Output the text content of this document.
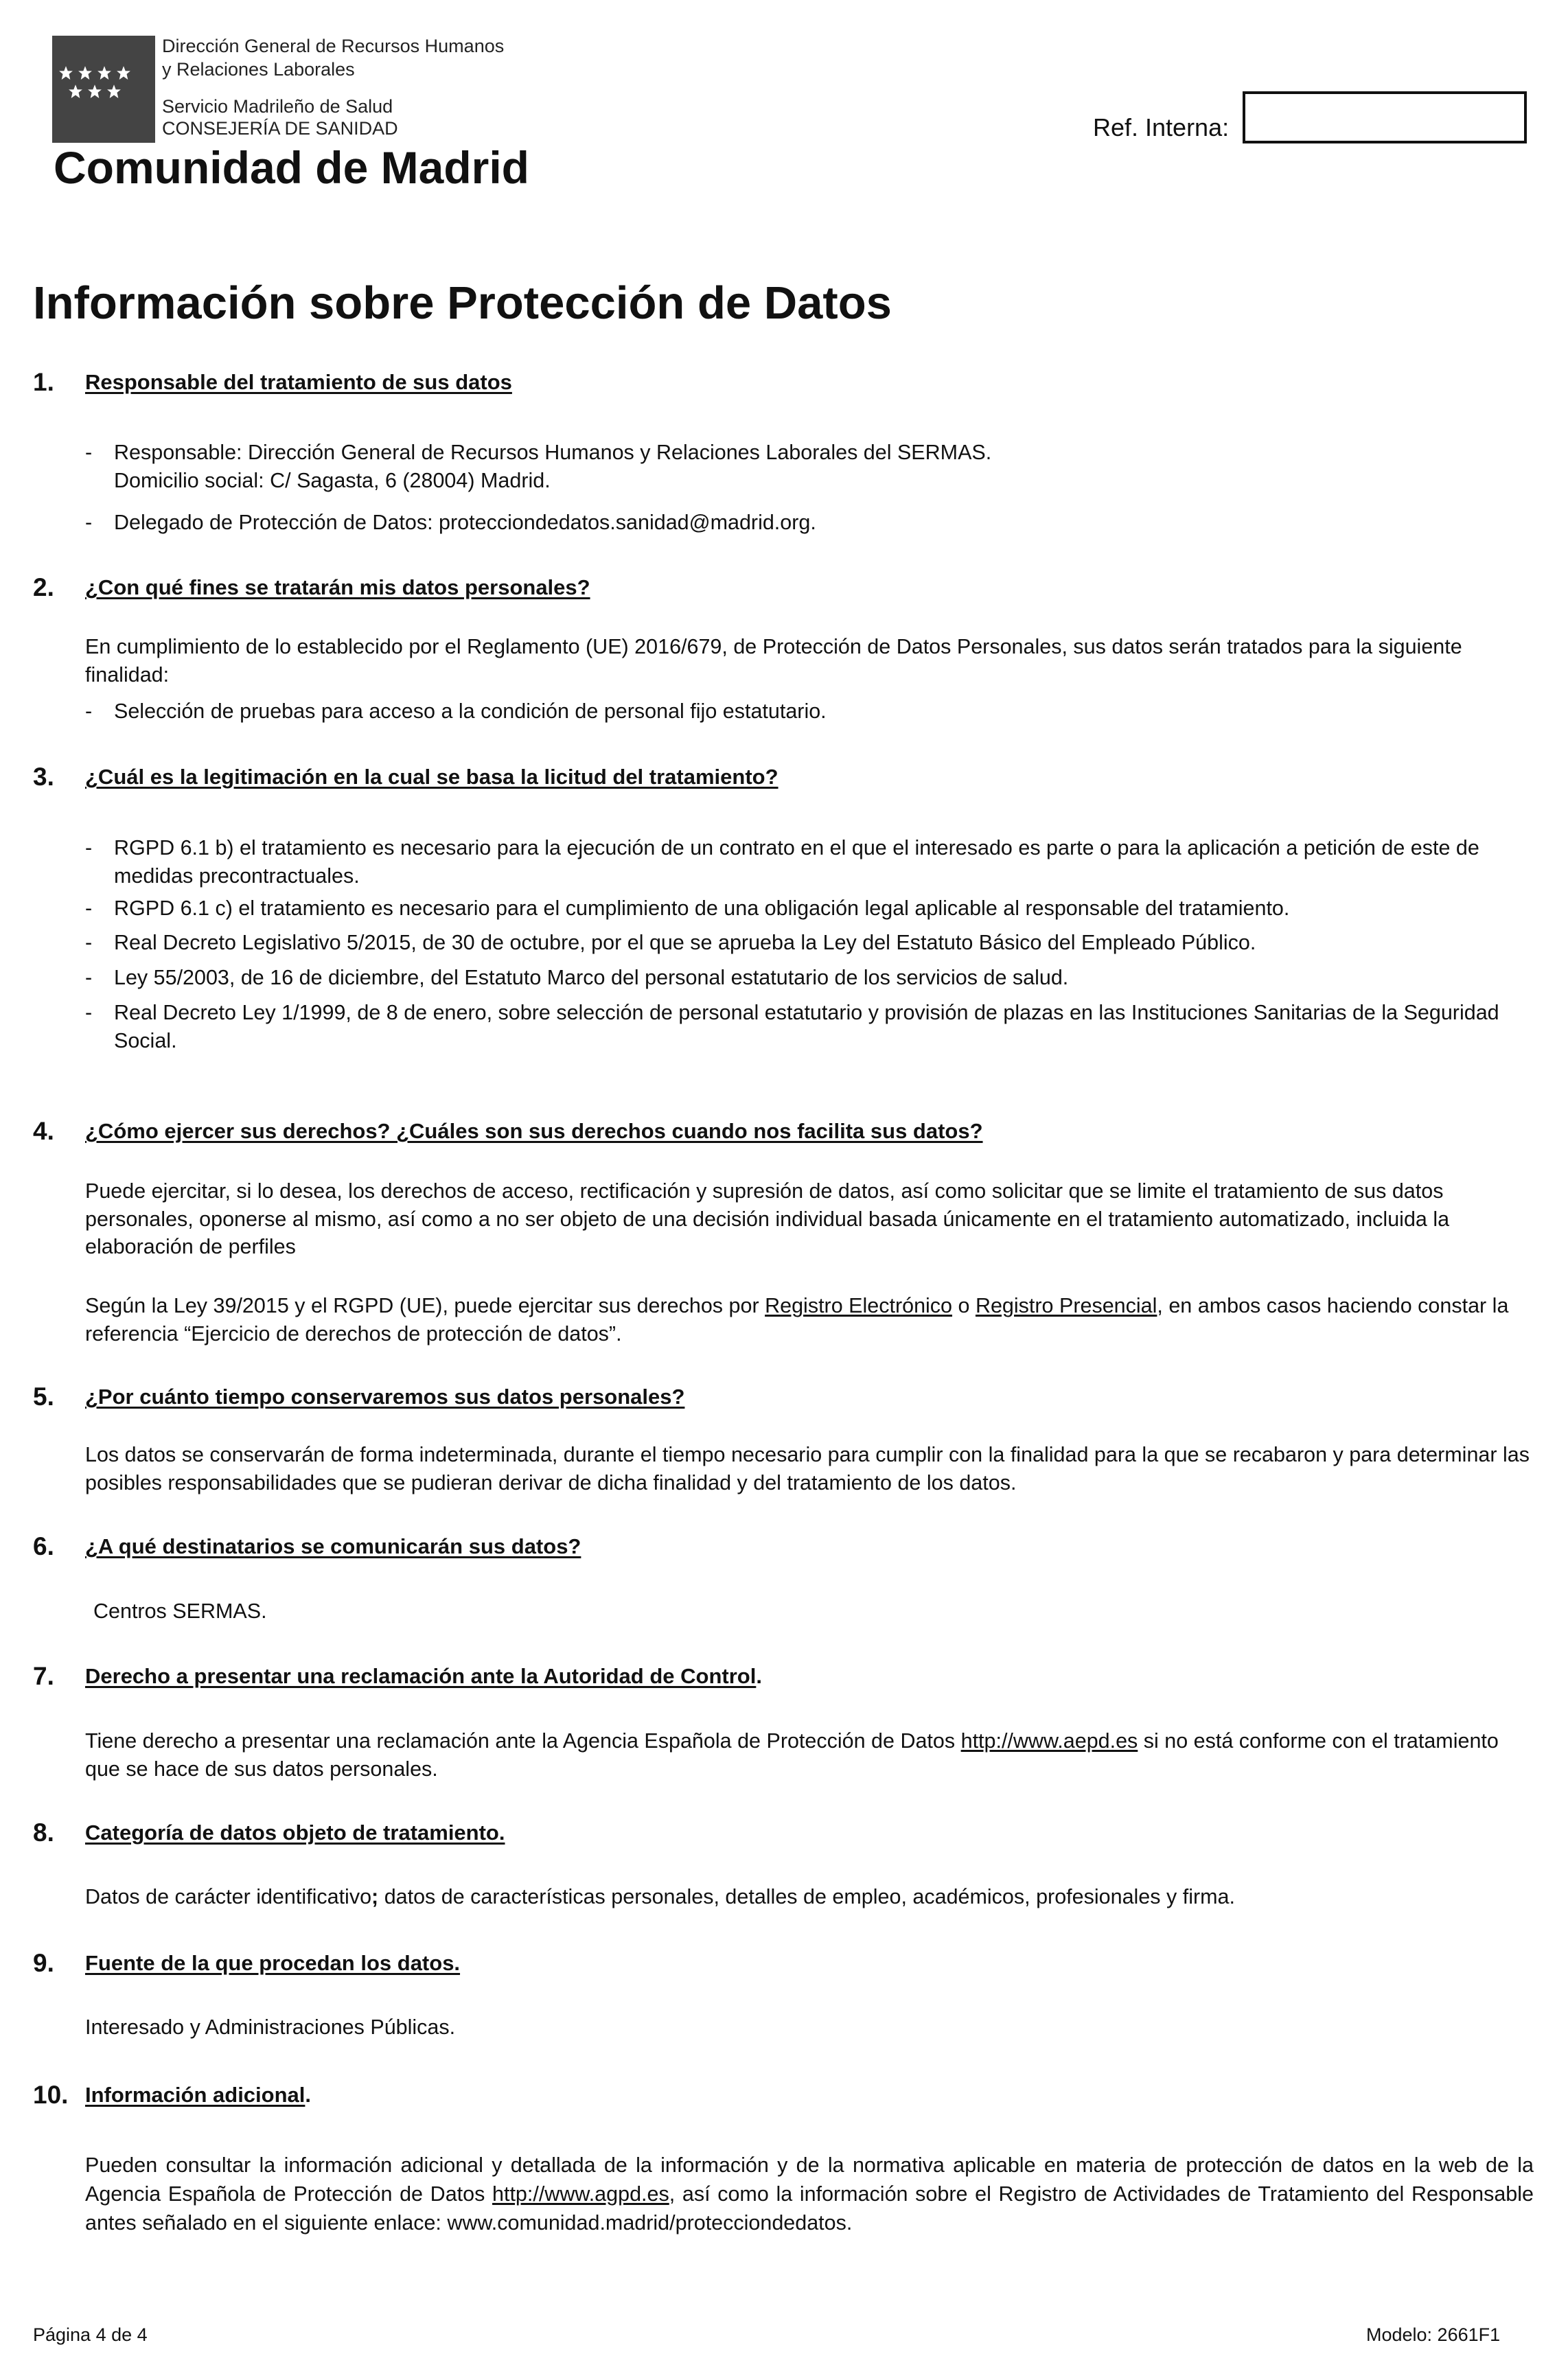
Dirección General de Recursos Humanos
y Relaciones Laborales
Servicio Madrileño de Salud
CONSEJERÍA DE SANIDAD
Comunidad de Madrid
Ref. Interna:
Información sobre Protección de Datos
1. Responsable del tratamiento de sus datos
- Responsable: Dirección General de Recursos Humanos y Relaciones Laborales del SERMAS.
Domicilio social: C/ Sagasta, 6 (28004) Madrid.
- Delegado de Protección de Datos: protecciondedatos.sanidad@madrid.org.
2. ¿Con qué fines se tratarán mis datos personales?
En cumplimiento de lo establecido por el Reglamento (UE) 2016/679, de Protección de Datos Personales, sus datos serán tratados para la siguiente finalidad:
- Selección de pruebas para acceso a la condición de personal fijo estatutario.
3. ¿Cuál es la legitimación en la cual se basa la licitud del tratamiento?
- RGPD 6.1 b) el tratamiento es necesario para la ejecución de un contrato en el que el interesado es parte o para la aplicación a petición de este de medidas precontractuales.
- RGPD 6.1 c) el tratamiento es necesario para el cumplimiento de una obligación legal aplicable al responsable del tratamiento.
- Real Decreto Legislativo 5/2015, de 30 de octubre, por el que se aprueba la Ley del Estatuto Básico del Empleado Público.
- Ley 55/2003, de 16 de diciembre, del Estatuto Marco del personal estatutario de los servicios de salud.
- Real Decreto Ley 1/1999, de 8 de enero, sobre selección de personal estatutario y provisión de plazas en las Instituciones Sanitarias de la Seguridad Social.
4. ¿Cómo ejercer sus derechos? ¿Cuáles son sus derechos cuando nos facilita sus datos?
Puede ejercitar, si lo desea, los derechos de acceso, rectificación y supresión de datos, así como solicitar que se limite el tratamiento de sus datos personales, oponerse al mismo, así como a no ser objeto de una decisión individual basada únicamente en el tratamiento automatizado, incluida la elaboración de perfiles
Según la Ley 39/2015 y el RGPD (UE), puede ejercitar sus derechos por Registro Electrónico o Registro Presencial, en ambos casos haciendo constar la referencia “Ejercicio de derechos de protección de datos”.
5. ¿Por cuánto tiempo conservaremos sus datos personales?
Los datos se conservarán de forma indeterminada, durante el tiempo necesario para cumplir con la finalidad para la que se recabaron y para determinar las posibles responsabilidades que se pudieran derivar de dicha finalidad y del tratamiento de los datos.
6. ¿A qué destinatarios se comunicarán sus datos?
Centros SERMAS.
7. Derecho a presentar una reclamación ante la Autoridad de Control.
Tiene derecho a presentar una reclamación ante la Agencia Española de Protección de Datos http://www.aepd.es si no está conforme con el tratamiento que se hace de sus datos personales.
8. Categoría de datos objeto de tratamiento.
Datos de carácter identificativo; datos de características personales, detalles de empleo, académicos, profesionales y firma.
9. Fuente de la que procedan los datos.
Interesado y Administraciones Públicas.
10. Información adicional.
Pueden consultar la información adicional y detallada de la información y de la normativa aplicable en materia de protección de datos en la web de la Agencia Española de Protección de Datos http://www.agpd.es, así como la información sobre el Registro de Actividades de Tratamiento del Responsable antes señalado en el siguiente enlace: www.comunidad.madrid/protecciondedatos.
Página 4 de 4	Modelo: 2661F1
